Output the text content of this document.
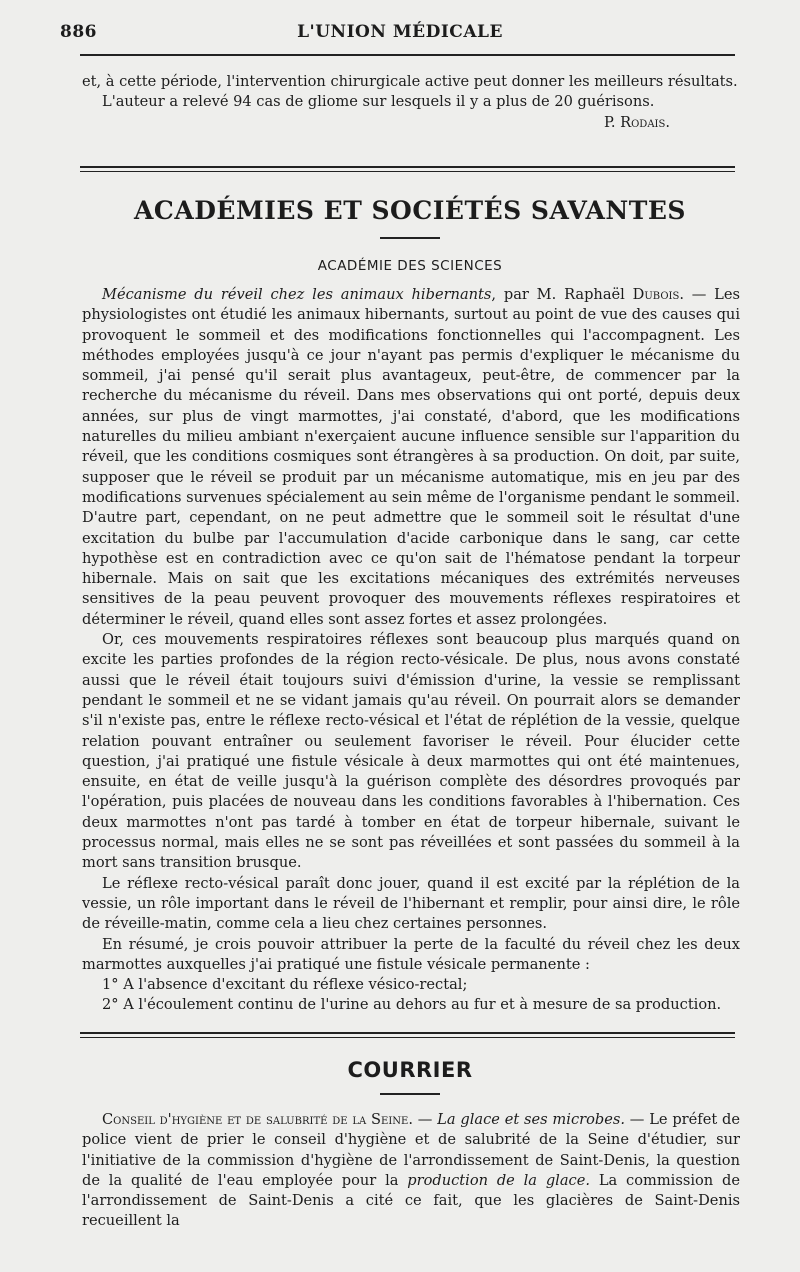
886	L'UNION MÉDICALE

et, à cette période, l'intervention chirurgicale active peut donner les meilleurs résultats.

L'auteur a relevé 94 cas de gliome sur lesquels il y a plus de 20 guérisons.

P. Rodais.

ACADÉMIES ET SOCIÉTÉS SAVANTES
ACADÉMIE DES SCIENCES

Mécanisme du réveil chez les animaux hibernants, par M. Raphaël Dubois. — Les physiologistes ont étudié les animaux hibernants, surtout au point de vue des causes qui provoquent le sommeil et des modifications fonctionnelles qui l'accompagnent. Les méthodes employées jusqu'à ce jour n'ayant pas permis d'expliquer le mécanisme du sommeil, j'ai pensé qu'il serait plus avantageux, peut-être, de commencer par la recherche du mécanisme du réveil. Dans mes observations qui ont porté, depuis deux années, sur plus de vingt marmottes, j'ai constaté, d'abord, que les modifications naturelles du milieu ambiant n'exerçaient aucune influence sensible sur l'apparition du réveil, que les conditions cosmiques sont étrangères à sa production. On doit, par suite, supposer que le réveil se produit par un mécanisme automatique, mis en jeu par des modifications survenues spécialement au sein même de l'organisme pendant le sommeil. D'autre part, cependant, on ne peut admettre que le sommeil soit le résultat d'une excitation du bulbe par l'accumulation d'acide carbonique dans le sang, car cette hypothèse est en contradiction avec ce qu'on sait de l'hématose pendant la torpeur hibernale. Mais on sait que les excitations mécaniques des extrémités nerveuses sensitives de la peau peuvent provoquer des mouvements réflexes respiratoires et déterminer le réveil, quand elles sont assez fortes et assez prolongées.

Or, ces mouvements respiratoires réflexes sont beaucoup plus marqués quand on excite les parties profondes de la région recto-vésicale. De plus, nous avons constaté aussi que le réveil était toujours suivi d'émission d'urine, la vessie se remplissant pendant le sommeil et ne se vidant jamais qu'au réveil. On pourrait alors se demander s'il n'existe pas, entre le réflexe recto-vésical et l'état de réplétion de la vessie, quelque relation pouvant entraîner ou seulement favoriser le réveil. Pour élucider cette question, j'ai pratiqué une fistule vésicale à deux marmottes qui ont été maintenues, ensuite, en état de veille jusqu'à la guérison complète des désordres provoqués par l'opération, puis placées de nouveau dans les conditions favorables à l'hibernation. Ces deux marmottes n'ont pas tardé à tomber en état de torpeur hibernale, suivant le processus normal, mais elles ne se sont pas réveillées et sont passées du sommeil à la mort sans transition brusque.

Le réflexe recto-vésical paraît donc jouer, quand il est excité par la réplétion de la vessie, un rôle important dans le réveil de l'hibernant et remplir, pour ainsi dire, le rôle de réveille-matin, comme cela a lieu chez certaines personnes.

En résumé, je crois pouvoir attribuer la perte de la faculté du réveil chez les deux marmottes auxquelles j'ai pratiqué une fistule vésicale permanente :

1° A l'absence d'excitant du réflexe vésico-rectal;

2° A l'écoulement continu de l'urine au dehors au fur et à mesure de sa production.

COURRIER

Conseil d'hygiène et de salubrité de la Seine. — La glace et ses microbes. — Le préfet de police vient de prier le conseil d'hygiène et de salubrité de la Seine d'étudier, sur l'initiative de la commission d'hygiène de l'arrondissement de Saint-Denis, la question de la qualité de l'eau employée pour la production de la glace. La commission de l'arrondissement de Saint-Denis a cité ce fait, que les glacières de Saint-Denis recueillent la
